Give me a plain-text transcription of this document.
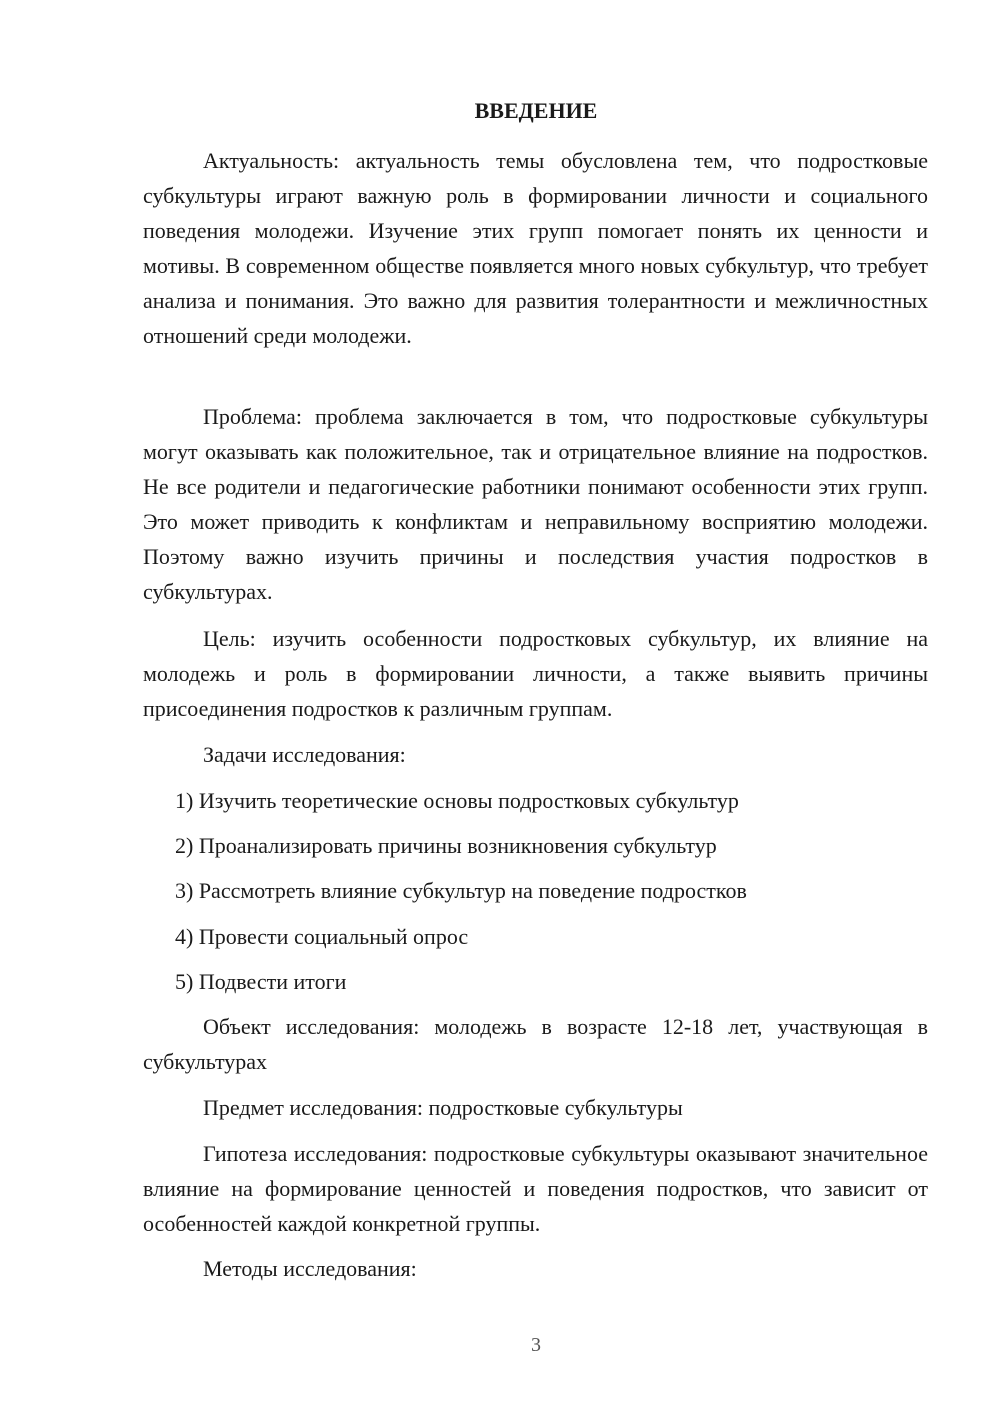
ВВЕДЕНИЕ

Актуальность: актуальность темы обусловлена тем, что подростковые субкультуры играют важную роль в формировании личности и социального поведения молодежи. Изучение этих групп помогает понять их ценности и мотивы. В современном обществе появляется много новых субкультур, что требует анализа и понимания. Это важно для развития толерантности и межличностных отношений среди молодежи.

Проблема: проблема заключается в том, что подростковые субкультуры могут оказывать как положительное, так и отрицательное влияние на подростков. Не все родители и педагогические работники понимают особенности этих групп. Это может приводить к конфликтам и неправильному восприятию молодежи. Поэтому важно изучить причины и последствия участия подростков в субкультурах.

Цель: изучить особенности подростковых субкультур, их влияние на молодежь и роль в формировании личности, а также выявить причины присоединения подростков к различным группам.

Задачи исследования:

1) Изучить теоретические основы подростковых субкультур

2) Проанализировать причины возникновения субкультур

3) Рассмотреть влияние субкультур на поведение подростков

4) Провести социальный опрос

5) Подвести итоги

Объект исследования: молодежь в возрасте 12-18 лет, участвующая в субкультурах

Предмет исследования: подростковые субкультуры

Гипотеза исследования: подростковые субкультуры оказывают значительное влияние на формирование ценностей и поведения подростков, что зависит от особенностей каждой конкретной группы.

Методы исследования:

3
